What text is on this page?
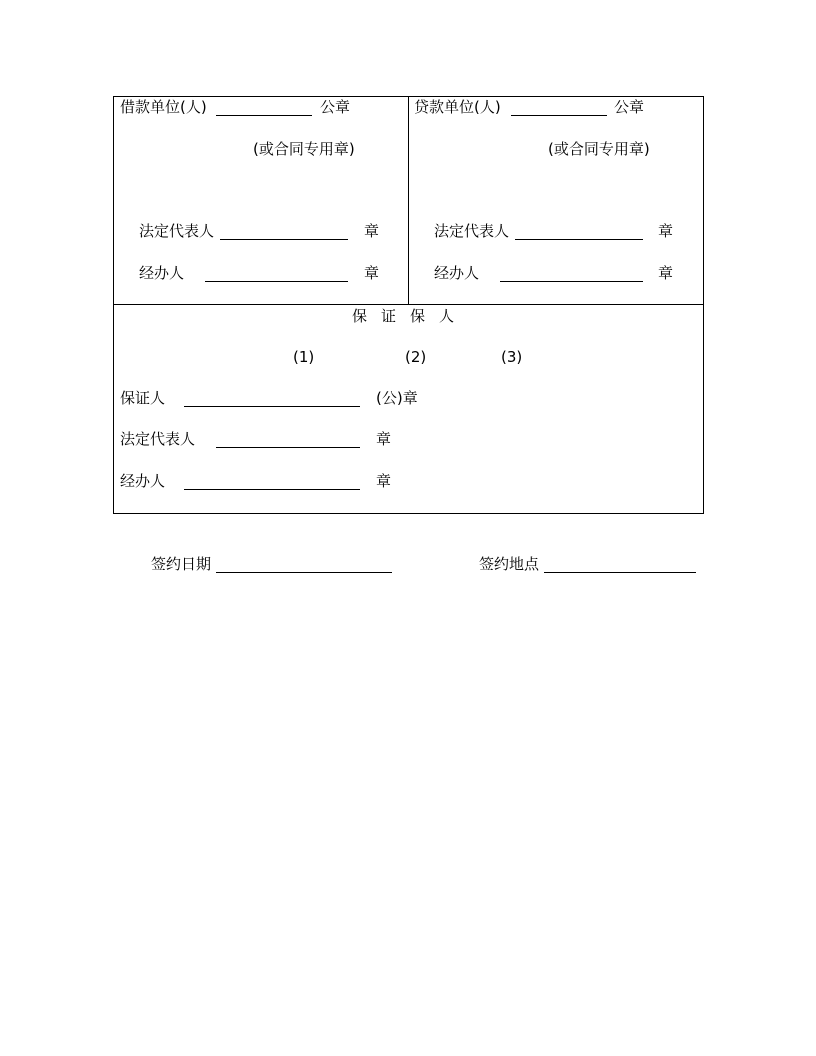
借款单位(人)	公章
(或合同专用章)
法定代表人	章
经办人	章
贷款单位(人)	公章
(或合同专用章)
法定代表人	章
经办人	章
保证保人
(1)	(2)	(3)
保证人	(公)章
法定代表人	章
经办人	章
签约日期	签约地点
